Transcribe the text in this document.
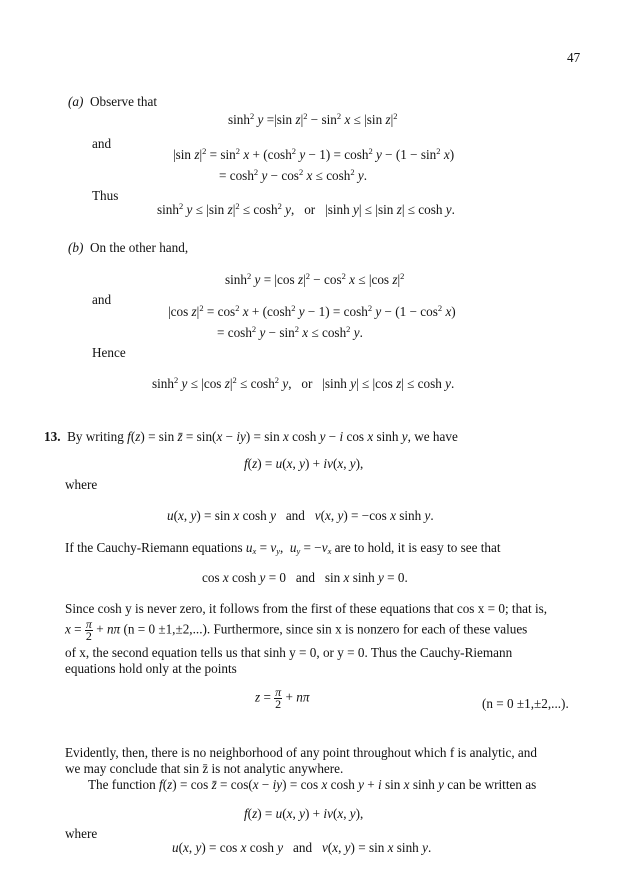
47
(a) Observe that
$\sinh^2 y =|\sin$ $z|^2 - \sin^2 x \le |\sin$ $z|^2$
and
|sin $z|^2 = \sin^2 x + (\cosh^2$ $y - 1) = \cosh^2 y - (1 - \sin^2 x)$
= $\cosh^2 y - \cos^2 x \le \cosh^2 y$.
Thus
$\sinh^2 y \le |\sin$ $z|^2 \le \cosh^2 y$,   or   |sinh y| ≤ |sin z| ≤ cosh y.
(b) On the other hand,
$\sinh^2 y = |\cos$ $z|^2 - \cos^2 x \le |\cos$ $z|^2$
and
|cos $z|^2 = \cos^2 x + (\cosh^2$ $y - 1) = \cosh^2 y - (1 - \cos^2 x)$
= $\cosh^2 y - \sin^2 x \le \cosh^2 y$.
Hence
$\sinh^2 y \le |\cos$ $z|^2 \le \cosh^2 y$,   or   |sinh y| ≤ |cos z| ≤ cosh y.
13. By writing f(z) = sin z̄ = sin(x − iy) = sin x cosh y − i cos x sinh y, we have
f(z) = u(x, y) + iv(x, y),
where
u(x, y) = sin x cosh y and v(x, y) = −cos x sinh y.
If the Cauchy-Riemann equations $u_x = v_y$,  $u_y = -v_x$ are to hold, it is easy to see that
cos x cosh y = 0   and   sin x sinh y = 0.
Since cosh y is never zero, it follows from the first of these equations that cos x = 0; that is,
$x = \frac{\pi}{2} + n\pi$ (n = 0 ±1,±2,...). Furthermore, since sin x is nonzero for each of these values
of x, the second equation tells us that sinh y = 0, or y = 0. Thus the Cauchy-Riemann
equations hold only at the points
$z = \frac{\pi}{2} + n\pi$	(n = 0 ±1,±2,...).
Evidently, then, there is no neighborhood of any point throughout which f is analytic, and
we may conclude that sin z̄ is not analytic anywhere.
The function f(z) = cos z̄ = cos(x − iy) = cos x cosh y + i sin x sinh y can be written as
f(z) = u(x, y) + iv(x, y),
where
u(x, y) = cos x cosh y and v(x, y) = sin x sinh y.
